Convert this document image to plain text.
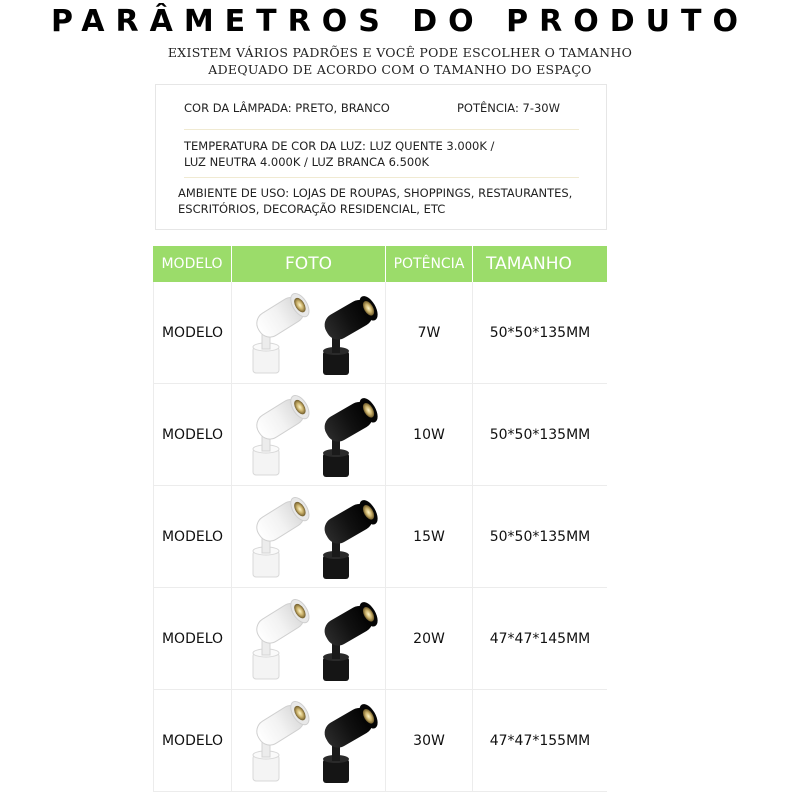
PARÂMETROS DO PRODUTO
EXISTEM VÁRIOS PADRÕES E VOCÊ PODE ESCOLHER O TAMANHO
ADEQUADO DE ACORDO COM O TAMANHO DO ESPAÇO
COR DA LÂMPADA: PRETO, BRANCO	POTÊNCIA: 7-30W
TEMPERATURA DE COR DA LUZ: LUZ QUENTE 3.000K /
LUZ NEUTRA 4.000K / LUZ BRANCA 6.500K
AMBIENTE DE USO: LOJAS DE ROUPAS, SHOPPINGS, RESTAURANTES,
ESCRITÓRIOS, DECORAÇÃO RESIDENCIAL, ETC
MODELO	FOTO	POTÊNCIA	TAMANHO
MODELO	7W	50*50*135MM
MODELO	10W	50*50*135MM
MODELO	15W	50*50*135MM
MODELO	20W	47*47*145MM
MODELO	30W	47*47*155MM
